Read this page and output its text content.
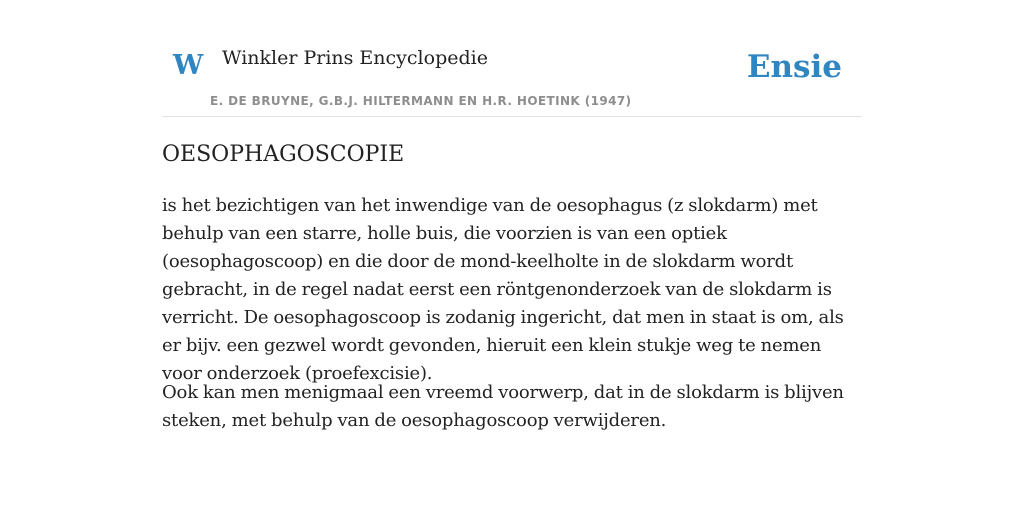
W Winkler Prins Encyclopedie
E. DE BRUYNE, G.B.J. HILTERMANN EN H.R. HOETINK (1947)
Ensie
OESOPHAGOSCOPIE

is het bezichtigen van het inwendige van de oesophagus (z slokdarm) met behulp van een starre, holle buis, die voorzien is van een optiek (oesophagoscoop) en die door de mond-keelholte in de slokdarm wordt gebracht, in de regel nadat eerst een röntgenonderzoek van de slokdarm is verricht. De oesophagoscoop is zodanig ingericht, dat men in staat is om, als er bijv. een gezwel wordt gevonden, hieruit een klein stukje weg te nemen voor onderzoek (proefexcisie).

Ook kan men menigmaal een vreemd voorwerp, dat in de slokdarm is blijven steken, met behulp van de oesophagoscoop verwijderen.
